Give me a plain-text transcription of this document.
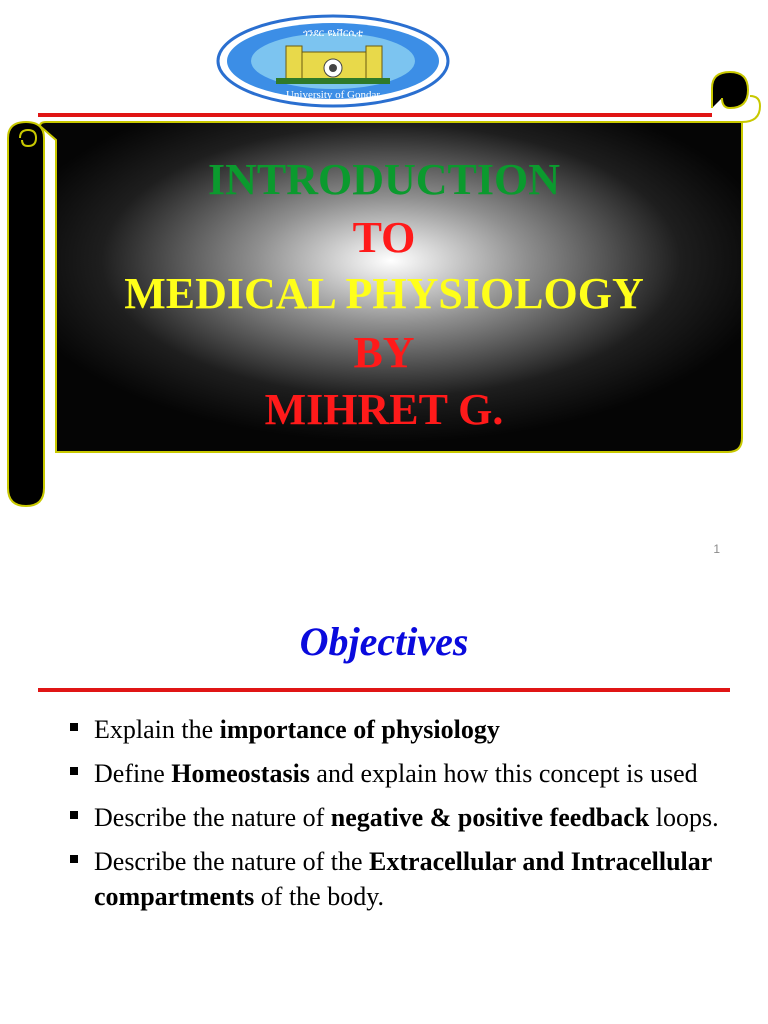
ጎንደር ዩኒቨርሲቲ
University of Gondar
INTRODUCTION
TO
MEDICAL PHYSIOLOGY
BY
MIHRET G.
1
Objectives
Explain the importance of physiology
Define Homeostasis and explain how this concept is used
Describe the nature of negative & positive feedback loops.
Describe the nature of the Extracellular and Intracellular compartments of the body.
